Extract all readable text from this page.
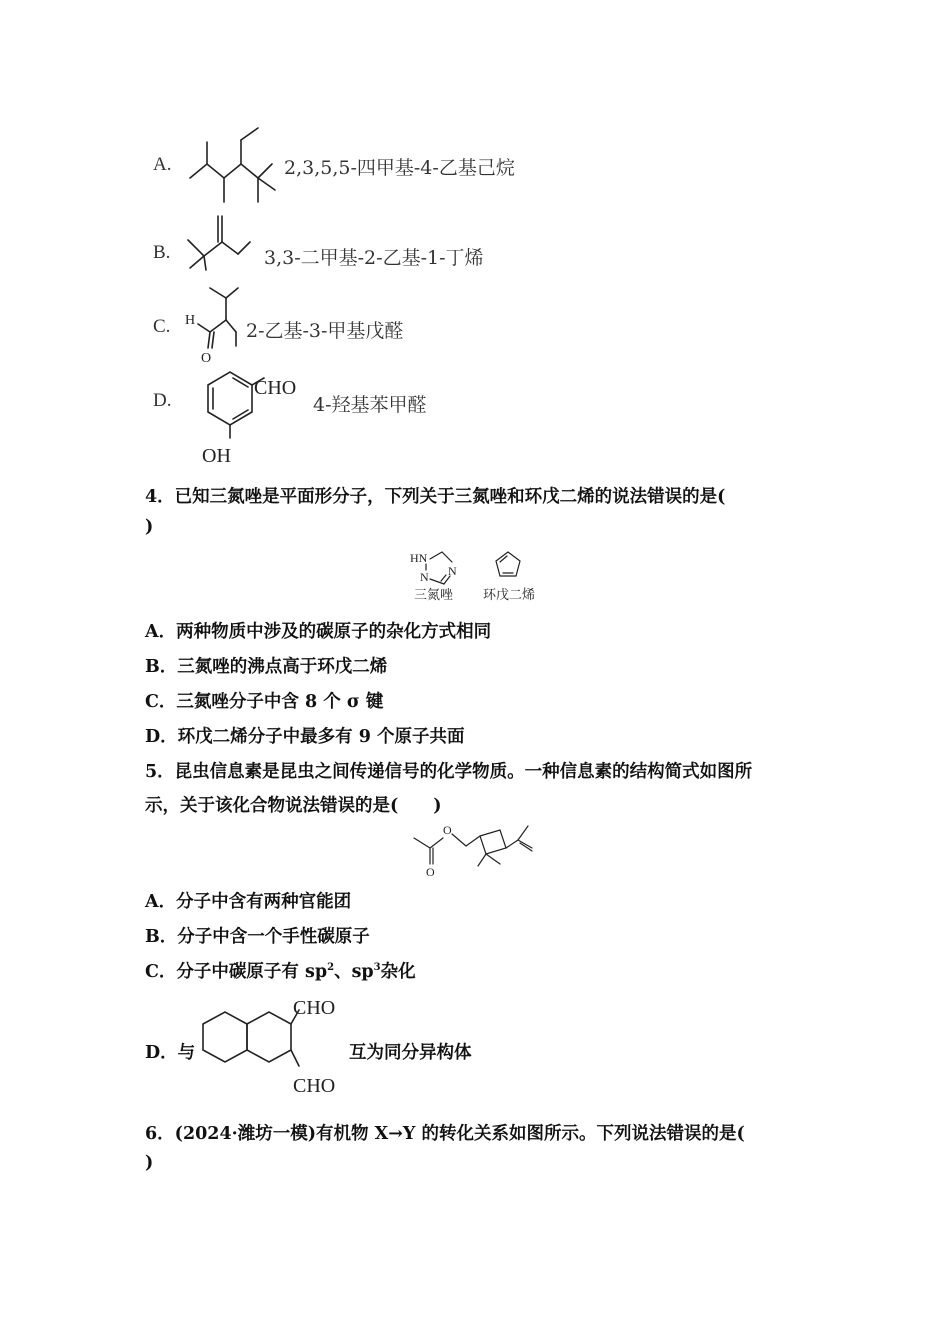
A.	2,3,5,5-四甲基-4-乙基己烷
B.	3,3-二甲基-2-乙基-1-丁烯
C. H
O
2-乙基-3-甲基戊醛
D.
CHO
OH
4-羟基苯甲醛
4．已知三氮唑是平面形分子，下列关于三氮唑和环戊二烯的说法错误的是(
)
HN
N N
三氮唑 环戊二烯
A．两种物质中涉及的碳原子的杂化方式相同
B．三氮唑的沸点高于环戊二烯
C．三氮唑分子中含 8 个 σ 键
D．环戊二烯分子中最多有 9 个原子共面
5．昆虫信息素是昆虫之间传递信号的化学物质。一种信息素的结构简式如图所
示，关于该化合物说法错误的是(　　)
O
O
A．分子中含有两种官能团
B．分子中含一个手性碳原子
C．分子中碳原子有 $sp^2$、$sp^3$杂化
D．与
CHO
CHO
互为同分异构体
6．(2024·潍坊一模)有机物 X→Y 的转化关系如图所示。下列说法错误的是(
)
